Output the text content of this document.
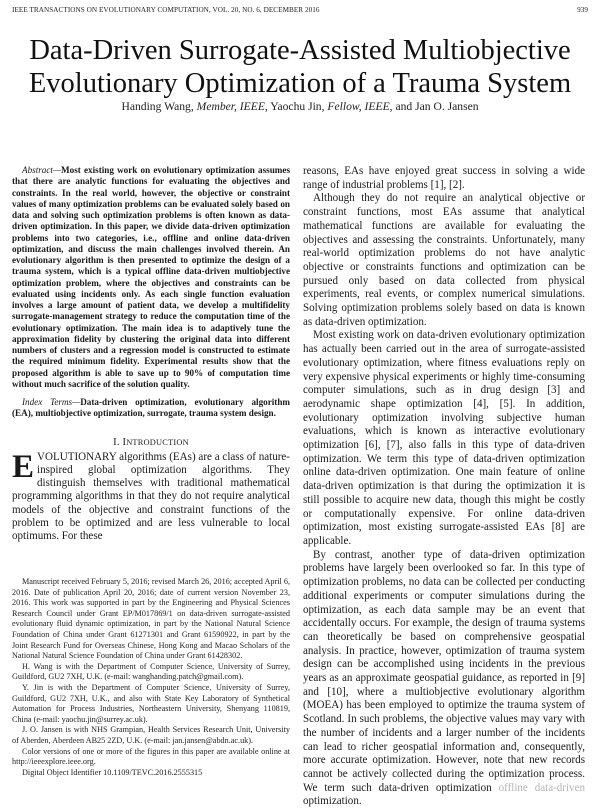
IEEE TRANSACTIONS ON EVOLUTIONARY COMPUTATION, VOL. 20, NO. 6, DECEMBER 2016	939
Data-Driven Surrogate-Assisted Multiobjective
Evolutionary Optimization of a Trauma System
Handing Wang, Member, IEEE, Yaochu Jin, Fellow, IEEE, and Jan O. Jansen

Abstract—Most existing work on evolutionary optimization assumes that there are analytic functions for evaluating the objectives and constraints. In the real world, however, the objective or constraint values of many optimization problems can be evaluated solely based on data and solving such optimization problems is often known as data-driven optimization. In this paper, we divide data-driven optimization problems into two categories, i.e., offline and online data-driven optimization, and discuss the main challenges involved therein. An evolutionary algorithm is then presented to optimize the design of a trauma system, which is a typical offline data-driven multiobjective optimization problem, where the objectives and constraints can be evaluated using incidents only. As each single function evaluation involves a large amount of patient data, we develop a multifidelity surrogate-management strategy to reduce the computation time of the evolutionary optimization. The main idea is to adaptively tune the approximation fidelity by clustering the original data into different numbers of clusters and a regression model is constructed to estimate the required minimum fidelity. Experimental results show that the proposed algorithm is able to save up to 90% of computation time without much sacrifice of the solution quality.

Index Terms—Data-driven optimization, evolutionary algorithm (EA), multiobjective optimization, surrogate, trauma system design.

I. INTRODUCTION

EVOLUTIONARY algorithms (EAs) are a class of nature-inspired global optimization algorithms. They distinguish themselves with traditional mathematical programming algorithms in that they do not require analytical models of the objective and constraint functions of the problem to be optimized and are less vulnerable to local optimums. For these

Manuscript received February 5, 2016; revised March 26, 2016; accepted April 6, 2016. Date of publication April 20, 2016; date of current version November 23, 2016. This work was supported in part by the Engineering and Physical Sciences Research Council under Grant EP/M017869/1 on data-driven surrogate-assisted evolutionary fluid dynamic optimization, in part by the National Natural Science Foundation of China under Grant 61271301 and Grant 61590922, in part by the Joint Research Fund for Overseas Chinese, Hong Kong and Macao Scholars of the National Natural Science Foundation of China under Grant 61428302.

H. Wang is with the Department of Computer Science, University of Surrey, Guildford, GU2 7XH, U.K. (e-mail: wanghanding.patch@gmail.com).

Y. Jin is with the Department of Computer Science, University of Surrey, Guildford, GU2 7XH, U.K., and also with State Key Laboratory of Synthetical Automation for Process Industries, Northeastern University, Shenyang 110819, China (e-mail: yaochu.jin@surrey.ac.uk).

J. O. Jansen is with NHS Grampian, Health Services Research Unit, University of Aberden, Aberdeen AB25 2ZD, U.K. (e-mail: jan.jansen@abdn.ac.uk).

Color versions of one or more of the figures in this paper are available online at http://ieeexplore.ieee.org.

Digital Object Identifier 10.1109/TEVC.2016.2555315

reasons, EAs have enjoyed great success in solving a wide range of industrial problems [1], [2].

Although they do not require an analytical objective or constraint functions, most EAs assume that analytical mathematical functions are available for evaluating the objectives and assessing the constraints. Unfortunately, many real-world optimization problems do not have analytic objective or constraints functions and optimization can be pursued only based on data collected from physical experiments, real events, or complex numerical simulations. Solving optimization problems solely based on data is known as data-driven optimization.

Most existing work on data-driven evolutionary optimization has actually been carried out in the area of surrogate-assisted evolutionary optimization, where fitness evaluations reply on very expensive physical experiments or highly time-consuming computer simulations, such as in drug design [3] and aerodynamic shape optimization [4], [5]. In addition, evolutionary optimization involving subjective human evaluations, which is known as interactive evolutionary optimization [6], [7], also falls in this type of data-driven optimization. We term this type of data-driven optimization online data-driven optimization. One main feature of online data-driven optimization is that during the optimization it is still possible to acquire new data, though this might be costly or computationally expensive. For online data-driven optimization, most existing surrogate-assisted EAs [8] are applicable.

By contrast, another type of data-driven optimization problems have largely been overlooked so far. In this type of optimization problems, no data can be collected per conducting additional experiments or computer simulations during the optimization, as each data sample may be an event that accidentally occurs. For example, the design of trauma systems can theoretically be based on comprehensive geospatial analysis. In practice, however, optimization of trauma system design can be accomplished using incidents in the previous years as an approximate geospatial guidance, as reported in [9] and [10], where a multiobjective evolutionary algorithm (MOEA) has been employed to optimize the trauma system of Scotland. In such problems, the objective values may vary with the number of incidents and a larger number of the incidents can lead to richer geospatial information and, consequently, more accurate optimization. However, note that new records cannot be actively collected during the optimization process. We term such data-driven optimization offline data-driven optimization.
